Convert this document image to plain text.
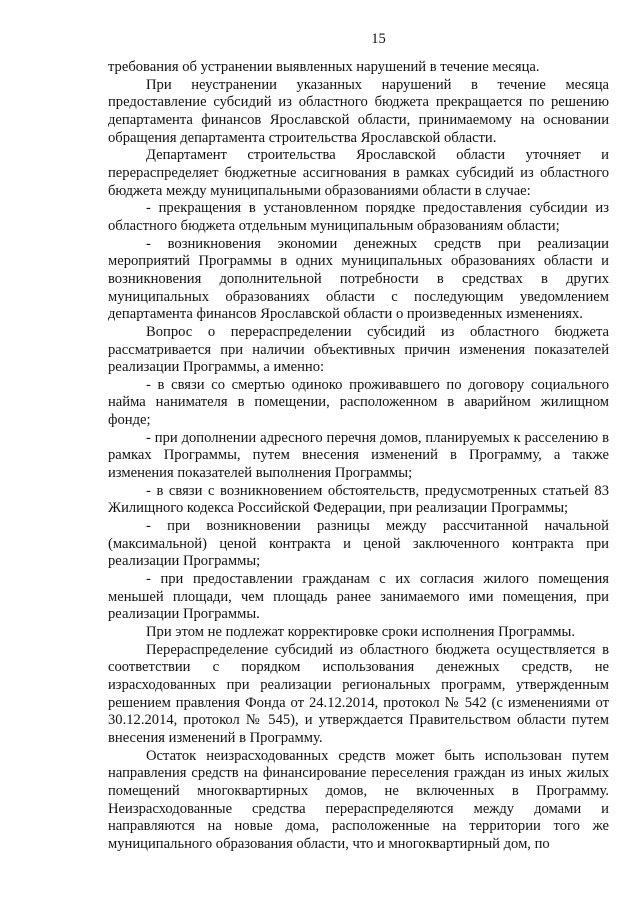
15

требования об устранении выявленных нарушений в течение месяца.

При неустранении указанных нарушений в течение месяца предоставление субсидий из областного бюджета прекращается по решению департамента финансов Ярославской области, принимаемому на основании обращения департамента строительства Ярославской области.

Департамент строительства Ярославской области уточняет и перераспределяет бюджетные ассигнования в рамках субсидий из областного бюджета между муниципальными образованиями области в случае:

- прекращения в установленном порядке предоставления субсидии из областного бюджета отдельным муниципальным образованиям области;

- возникновения экономии денежных средств при реализации мероприятий Программы в одних муниципальных образованиях области и возникновения дополнительной потребности в средствах в других муниципальных образованиях области с последующим уведомлением департамента финансов Ярославской области о произведенных изменениях.

Вопрос о перераспределении субсидий из областного бюджета рассматривается при наличии объективных причин изменения показателей реализации Программы, а именно:

- в связи со смертью одиноко проживавшего по договору социального найма нанимателя в помещении, расположенном в аварийном жилищном фонде;

- при дополнении адресного перечня домов, планируемых к расселению в рамках Программы, путем внесения изменений в Программу, а также изменения показателей выполнения Программы;

- в связи с возникновением обстоятельств, предусмотренных статьей 83 Жилищного кодекса Российской Федерации, при реализации Программы;

- при возникновении разницы между рассчитанной начальной (максимальной) ценой контракта и ценой заключенного контракта при реализации Программы;

- при предоставлении гражданам с их согласия жилого помещения меньшей площади, чем площадь ранее занимаемого ими помещения, при реализации Программы.

При этом не подлежат корректировке сроки исполнения Программы.

Перераспределение субсидий из областного бюджета осуществляется в соответствии с порядком использования денежных средств, не израсходованных при реализации региональных программ, утвержденным решением правления Фонда от 24.12.2014, протокол № 542 (с изменениями от 30.12.2014, протокол № 545), и утверждается Правительством области путем внесения изменений в Программу.

Остаток неизрасходованных средств может быть использован путем направления средств на финансирование переселения граждан из иных жилых помещений многоквартирных домов, не включенных в Программу. Неизрасходованные средства перераспределяются между домами и направляются на новые дома, расположенные на территории того же муниципального образования области, что и многоквартирный дом, по
